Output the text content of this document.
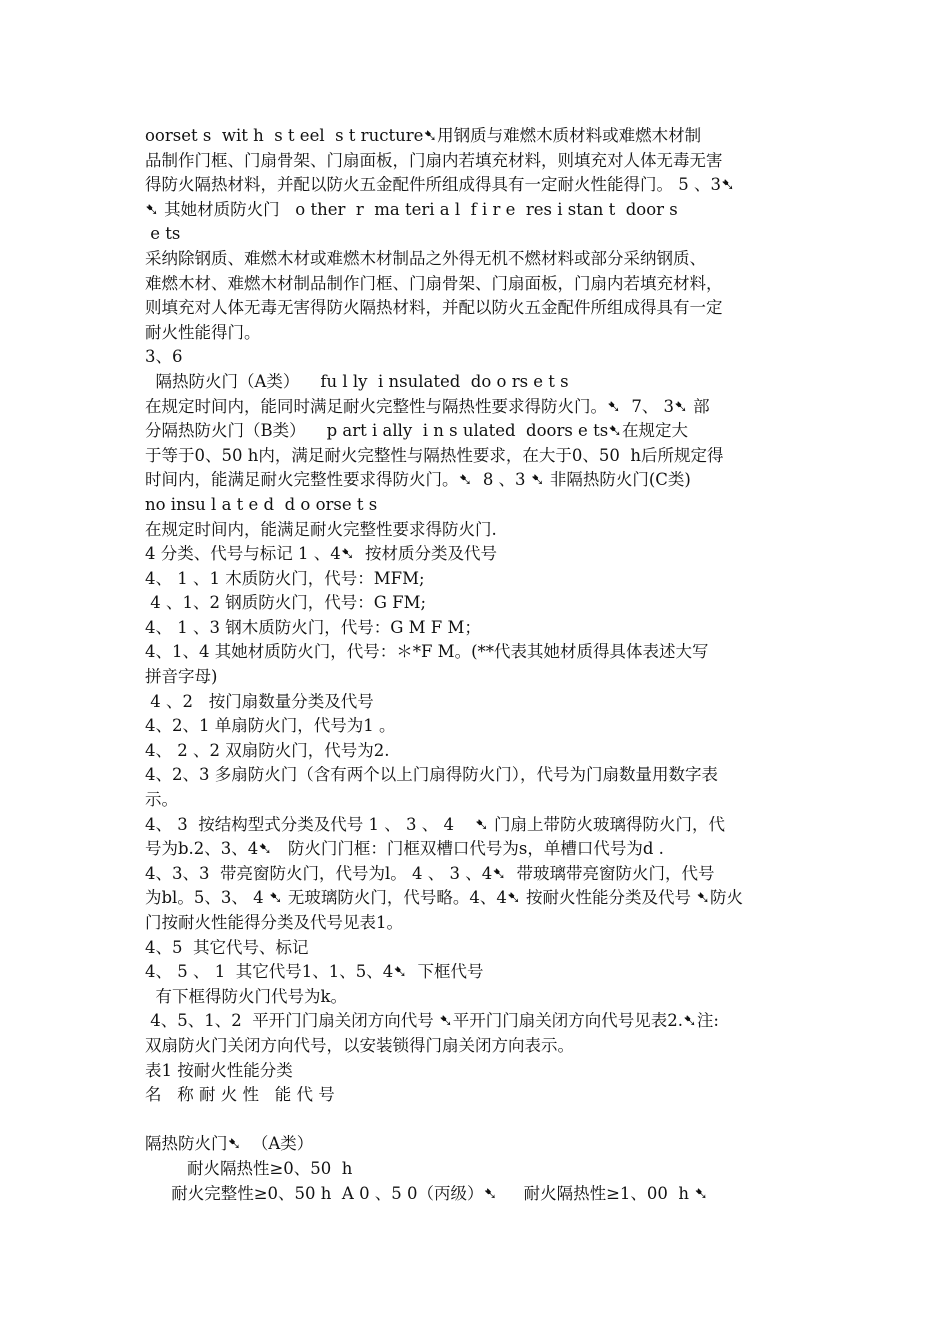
oorset s  wit h  s t eel  s t ructure➷用钢质与难燃木质材料或难燃木材制
品制作门框、门扇骨架、门扇面板，门扇内若填充材料，则填充对人体无毒无害
得防火隔热材料，并配以防火五金配件所组成得具有一定耐火性能得门。 5 、3➷
➷ 其她材质防火门   o ther  r  ma teri a l  f i r e  res i stan t  door s
e ts
采纳除钢质、难燃木材或难燃木材制品之外得无机不燃材料或部分采纳钢质、
难燃木材、难燃木材制品制作门框、门扇骨架、门扇面板，门扇内若填充材料，
则填充对人体无毒无害得防火隔热材料，并配以防火五金配件所组成得具有一定
耐火性能得门。
3、6
隔热防火门（A类）    fu l ly  i nsulated  do o rs e t s
在规定时间内，能同时满足耐火完整性与隔热性要求得防火门。➷  7、 3➷ 部
分隔热防火门（B类）    p art i ally  i n s ulated  doors e ts➷在规定大
于等于0、50 h内，满足耐火完整性与隔热性要求，在大于0、50  h后所规定得
时间内，能满足耐火完整性要求得防火门。➷  8 、3 ➷ 非隔热防火门(C类)
no insu l a t e d  d o orse t s
在规定时间内，能满足耐火完整性要求得防火门.
4 分类、代号与标记 1 、4➷  按材质分类及代号
4、 1 、1 木质防火门，代号：MFM;
4 、1、2 钢质防火门，代号：G FM;
4、 1 、3 钢木质防火门，代号：G M F M；
4、1、4 其她材质防火门，代号：＊*F M。(**代表其她材质得具体表述大写
拼音字母)
4 、2   按门扇数量分类及代号
4、2、1 单扇防火门，代号为1 。
4、 2 、2 双扇防火门，代号为2.
4、2、3 多扇防火门（含有两个以上门扇得防火门），代号为门扇数量用数字表
示。
4、 3  按结构型式分类及代号 1 、 3 、 4    ➷ 门扇上带防火玻璃得防火门，代
号为b.2、3、4➷   防火门门框：门框双槽口代号为s，单槽口代号为d .
4、3、3  带亮窗防火门，代号为l。 4 、 3 、4➷  带玻璃带亮窗防火门，代号
为bl。5、3、 4 ➷ 无玻璃防火门，代号略。4、4➷ 按耐火性能分类及代号 ➷防火
门按耐火性能得分类及代号见表1。
4、5  其它代号、标记
4、 5 、 1  其它代号1、1、5、4➷  下框代号
有下框得防火门代号为k。
4、5、1、2  平开门门扇关闭方向代号 ➷平开门门扇关闭方向代号见表2.➷注:
双扇防火门关闭方向代号，以安装锁得门扇关闭方向表示。
表1 按耐火性能分类
名   称 耐 火 性   能 代 号
隔热防火门➷  （A类）
耐火隔热性≥0、50  h
耐火完整性≥0、50 h  A 0 、5 0（丙级）➷     耐火隔热性≥1、00  h ➷
